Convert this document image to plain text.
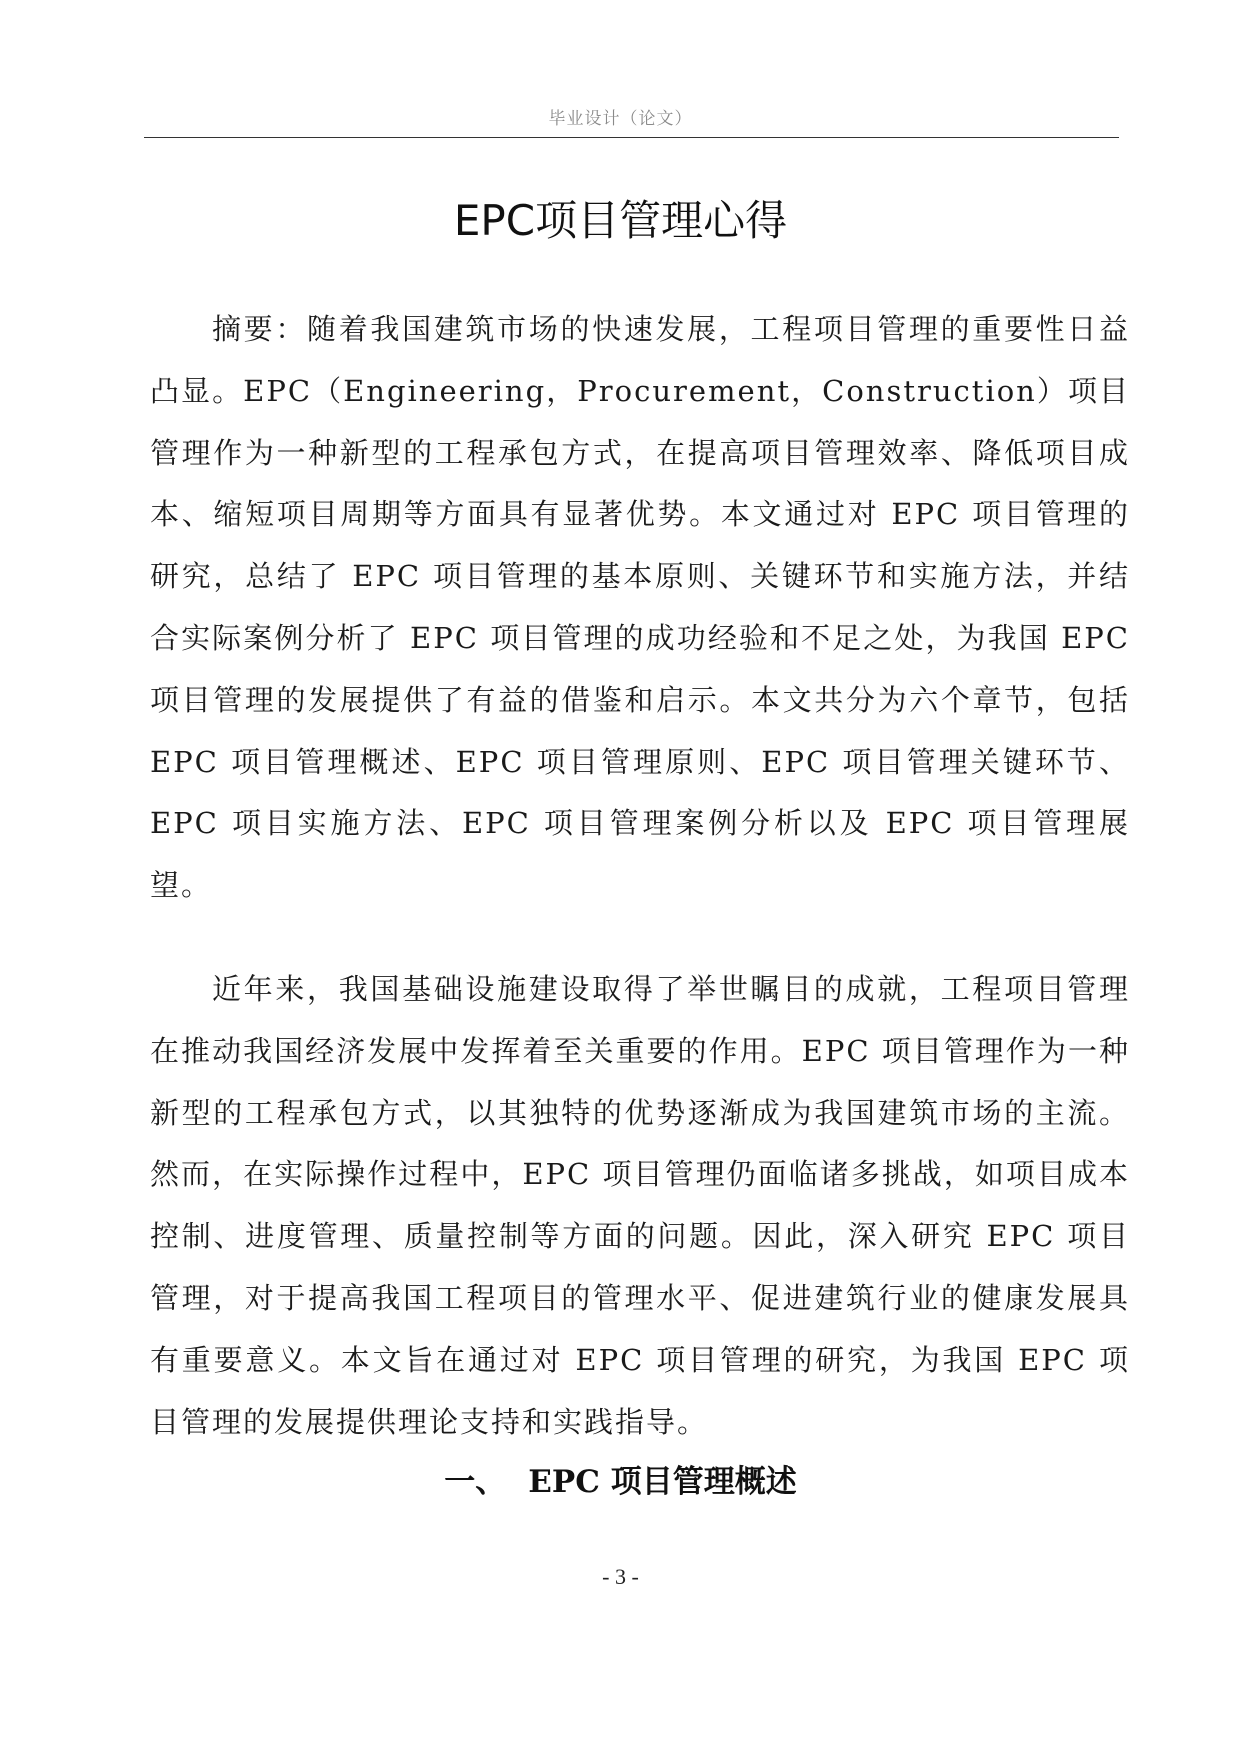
毕业设计（论文）
EPC项目管理心得

摘要：随着我国建筑市场的快速发展，工程项目管理的重要性日益凸显。EPC（Engineering，Procurement，Construction）项目管理作为一种新型的工程承包方式，在提高项目管理效率、降低项目成本、缩短项目周期等方面具有显著优势。本文通过对 EPC 项目管理的研究，总结了 EPC 项目管理的基本原则、关键环节和实施方法，并结合实际案例分析了 EPC 项目管理的成功经验和不足之处，为我国 EPC 项目管理的发展提供了有益的借鉴和启示。本文共分为六个章节，包括EPC 项目管理概述、EPC 项目管理原则、EPC 项目管理关键环节、EPC 项目实施方法、EPC 项目管理案例分析以及 EPC 项目管理展望。

近年来，我国基础设施建设取得了举世瞩目的成就，工程项目管理在推动我国经济发展中发挥着至关重要的作用。EPC 项目管理作为一种新型的工程承包方式，以其独特的优势逐渐成为我国建筑市场的主流。然而，在实际操作过程中，EPC 项目管理仍面临诸多挑战，如项目成本控制、进度管理、质量控制等方面的问题。因此，深入研究 EPC 项目管理，对于提高我国工程项目的管理水平、促进建筑行业的健康发展具有重要意义。本文旨在通过对 EPC 项目管理的研究，为我国 EPC 项目管理的发展提供理论支持和实践指导。

一、 EPC 项目管理概述
- 3 -
